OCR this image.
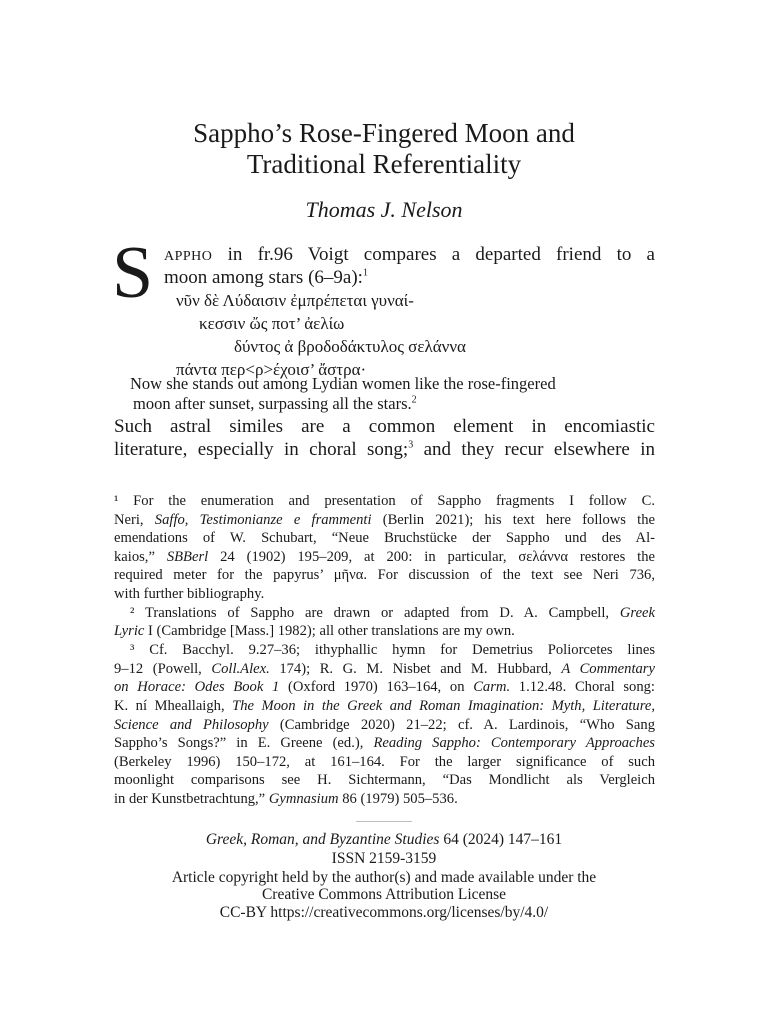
Sappho’s Rose-Fingered Moon and
Traditional Referentiality
Thomas J. Nelson
S APPHO in fr.96 Voigt compares a departed friend to a
moon among stars (6–9a):$^1$
νῦν δὲ Λύδαισιν ἐμπρέπεται γυναί-
κεσσιν ὤς ποτ’ ἀελίω
δύντος ἀ βροδοδάκτυλος σελάννα
πάντα περ<ρ>έχοισ’ ἄστρα·
Now she stands out among Lydian women like the rose-fingered
moon after sunset, surpassing all the stars.$^2$
Such astral similes are a common element in encomiastic
literature, especially in choral song;$^3$ and they recur elsewhere in
¹ For the enumeration and presentation of Sappho fragments I follow C.
Neri, Saffo, Testimonianze e frammenti (Berlin 2021); his text here follows the
emendations of W. Schubart, “Neue Bruchstücke der Sappho und des Al-
kaios,” SBBerl 24 (1902) 195–209, at 200: in particular, σελάννα restores the
required meter for the papyrus’ μῆνα. For discussion of the text see Neri 736,
with further bibliography.
² Translations of Sappho are drawn or adapted from D. A. Campbell, Greek
Lyric I (Cambridge [Mass.] 1982); all other translations are my own.
³ Cf. Bacchyl. 9.27–36; ithyphallic hymn for Demetrius Poliorcetes lines
9–12 (Powell, Coll.Alex. 174); R. G. M. Nisbet and M. Hubbard, A Commentary
on Horace: Odes Book 1 (Oxford 1970) 163–164, on Carm. 1.12.48. Choral song:
K. ní Mheallaigh, The Moon in the Greek and Roman Imagination: Myth, Literature,
Science and Philosophy (Cambridge 2020) 21–22; cf. A. Lardinois, “Who Sang
Sappho’s Songs?” in E. Greene (ed.), Reading Sappho: Contemporary Approaches
(Berkeley 1996) 150–172, at 161–164. For the larger significance of such
moonlight comparisons see H. Sichtermann, “Das Mondlicht als Vergleich
in der Kunstbetrachtung,” Gymnasium 86 (1979) 505–536.
Greek, Roman, and Byzantine Studies 64 (2024) 147–161
ISSN 2159-3159
Article copyright held by the author(s) and made available under the
Creative Commons Attribution License
CC-BY https://creativecommons.org/licenses/by/4.0/
